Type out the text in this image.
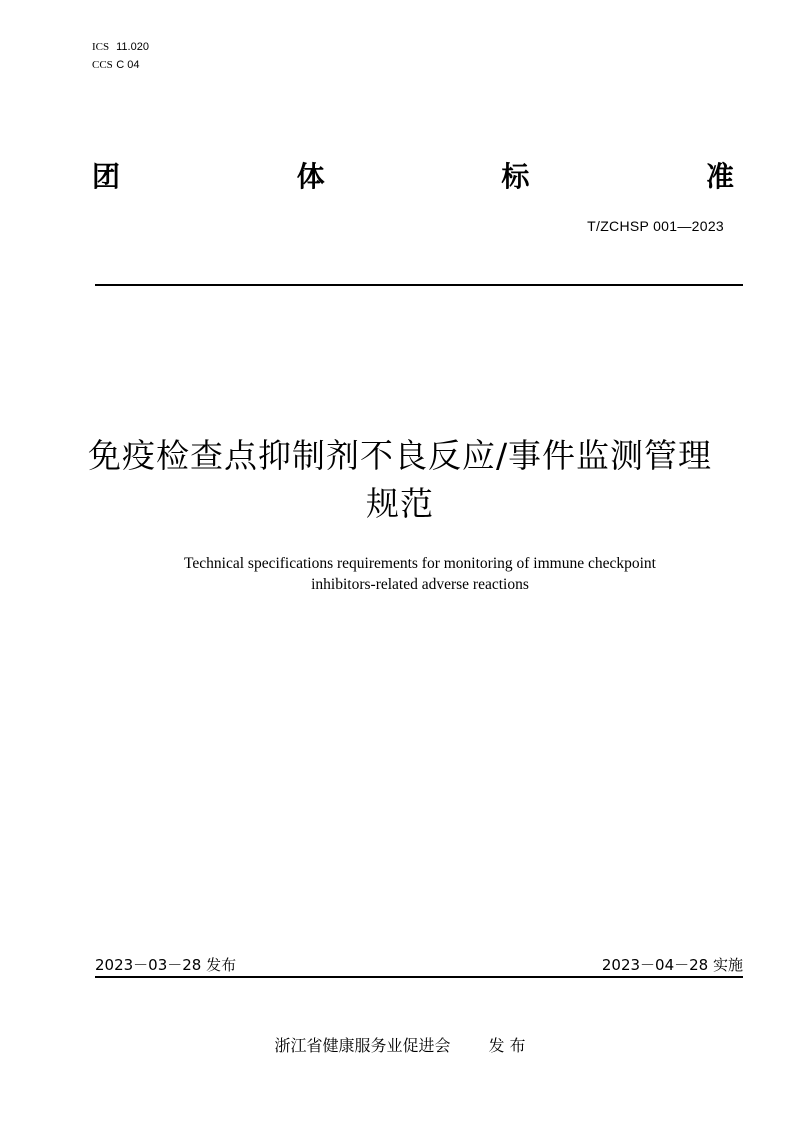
ICS 11.020
CCS C 04
团	体	标	准
T/ZCHSP 001—2023
免疫检查点抑制剂不良反应/事件监测管理
规范
Technical specifications requirements for monitoring of immune checkpoint
inhibitors-related adverse reactions
2023－03－28 发布	2023－04－28 实施
浙江省健康服务业促进会 发 布
